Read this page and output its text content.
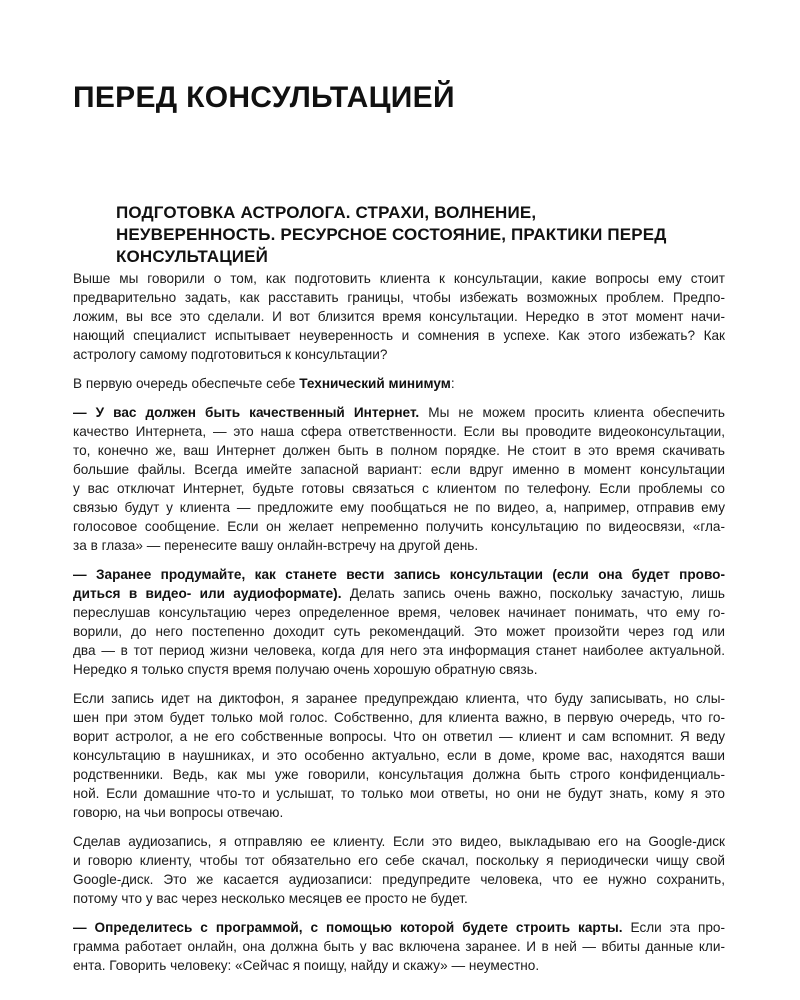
ПЕРЕД КОНСУЛЬТАЦИЕЙ
ПОДГОТОВКА АСТРОЛОГА. СТРАХИ, ВОЛНЕНИЕ,
НЕУВЕРЕННОСТЬ. РЕСУРСНОЕ СОСТОЯНИЕ, ПРАКТИКИ ПЕРЕД
КОНСУЛЬТАЦИЕЙ
Выше мы говорили о том, как подготовить клиента к консультации, какие вопросы ему стоит
предварительно задать, как расставить границы, чтобы избежать возможных проблем. Предпо-
ложим, вы все это сделали. И вот близится время консультации. Нередко в этот момент начи-
нающий специалист испытывает неуверенность и сомнения в успехе. Как этого избежать? Как
астрологу самому подготовиться к консультации?
В первую очередь обеспечьте себе Технический минимум:
— У вас должен быть качественный Интернет. Мы не можем просить клиента обеспечить
качество Интернета, — это наша сфера ответственности. Если вы проводите видеоконсультации,
то, конечно же, ваш Интернет должен быть в полном порядке. Не стоит в это время скачивать
большие файлы. Всегда имейте запасной вариант: если вдруг именно в момент консультации
у вас отключат Интернет, будьте готовы связаться с клиентом по телефону. Если проблемы со
связью будут у клиента — предложите ему пообщаться не по видео, а, например, отправив ему
голосовое сообщение. Если он желает непременно получить консультацию по видеосвязи, «гла-
за в глаза» — перенесите вашу онлайн-встречу на другой день.
— Заранее продумайте, как станете вести запись консультации (если она будет прово-
диться в видео- или аудиоформате). Делать запись очень важно, поскольку зачастую, лишь
переслушав консультацию через определенное время, человек начинает понимать, что ему го-
ворили, до него постепенно доходит суть рекомендаций. Это может произойти через год или
два — в тот период жизни человека, когда для него эта информация станет наиболее актуальной.
Нередко я только спустя время получаю очень хорошую обратную связь.
Если запись идет на диктофон, я заранее предупреждаю клиента, что буду записывать, но слы-
шен при этом будет только мой голос. Собственно, для клиента важно, в первую очередь, что го-
ворит астролог, а не его собственные вопросы. Что он ответил — клиент и сам вспомнит. Я веду
консультацию в наушниках, и это особенно актуально, если в доме, кроме вас, находятся ваши
родственники. Ведь, как мы уже говорили, консультация должна быть строго конфиденциаль-
ной. Если домашние что-то и услышат, то только мои ответы, но они не будут знать, кому я это
говорю, на чьи вопросы отвечаю.
Сделав аудиозапись, я отправляю ее клиенту. Если это видео, выкладываю его на Google-диск
и говорю клиенту, чтобы тот обязательно его себе скачал, поскольку я периодически чищу свой
Google-диск. Это же касается аудиозаписи: предупредите человека, что ее нужно сохранить,
потому что у вас через несколько месяцев ее просто не будет.
— Определитесь с программой, с помощью которой будете строить карты. Если эта про-
грамма работает онлайн, она должна быть у вас включена заранее. И в ней — вбиты данные кли-
ента. Говорить человеку: «Сейчас я поищу, найду и скажу» — неуместно.
